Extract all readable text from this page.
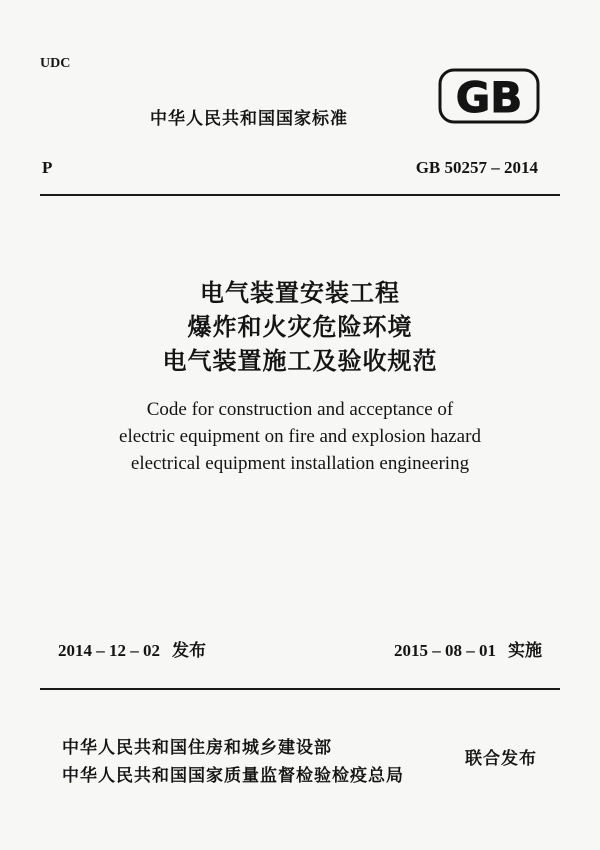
UDC
中华人民共和国国家标准	GB
P	GB 50257 – 2014
电气装置安装工程
爆炸和火灾危险环境
电气装置施工及验收规范
Code for construction and acceptance of
electric equipment on fire and explosion hazard
electrical equipment installation engineering
2014 – 12 – 02 发布	2015 – 08 – 01 实施
中华人民共和国住房和城乡建设部
中华人民共和国国家质量监督检验检疫总局
联合发布
